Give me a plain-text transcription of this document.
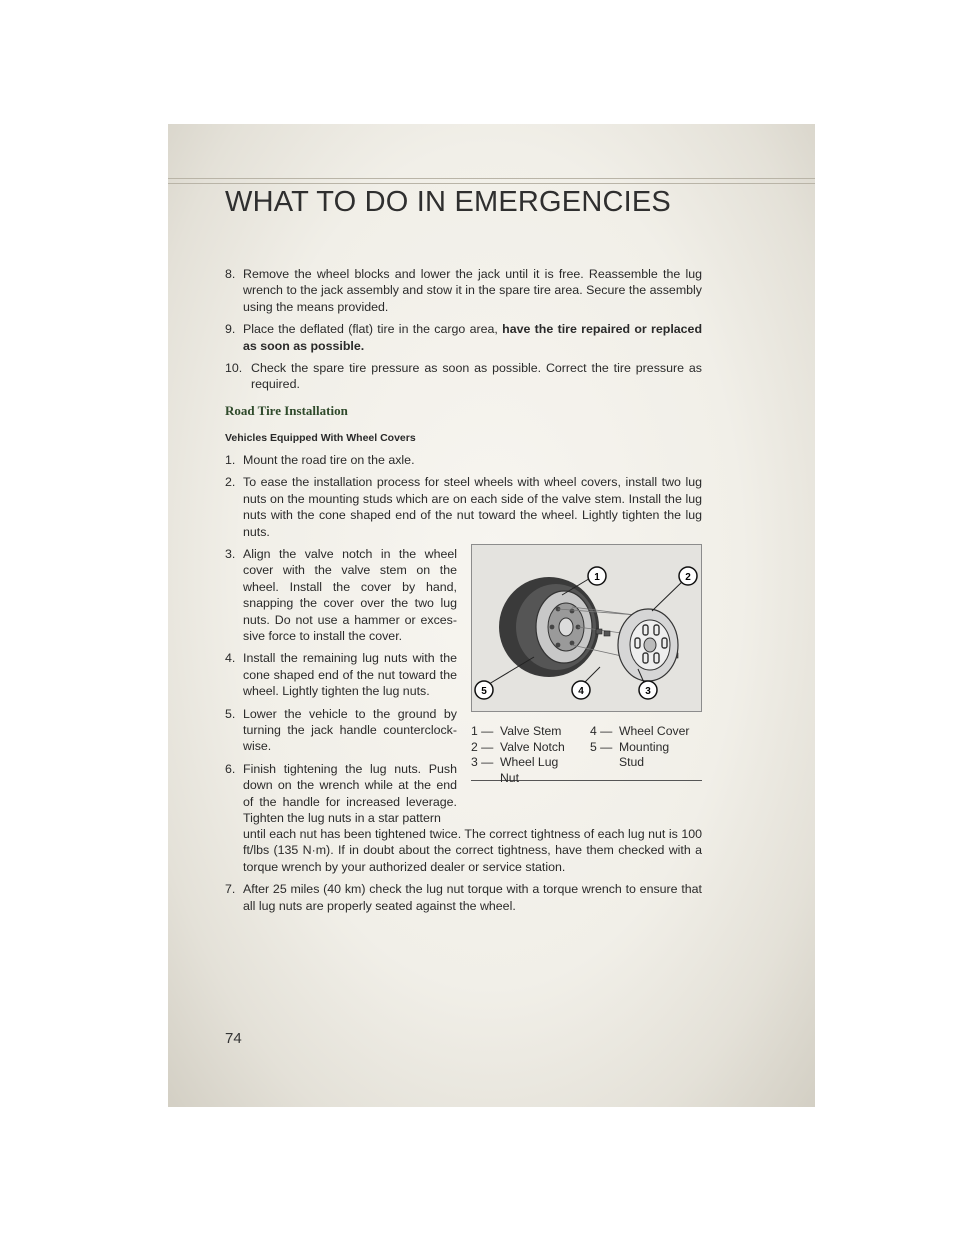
WHAT TO DO IN EMERGENCIES
8. Remove the wheel blocks and lower the jack until it is free. Reassemble the lug wrench to the jack assembly and stow it in the spare tire area. Secure the assembly using the means provided.
9. Place the deflated (flat) tire in the cargo area, have the tire repaired or replaced as soon as possible.
10. Check the spare tire pressure as soon as possible. Correct the tire pressure as required.

Road Tire Installation

Vehicles Equipped With Wheel Covers

1. Mount the road tire on the axle.
2. To ease the installation process for steel wheels with wheel covers, install two lug nuts on the mounting studs which are on each side of the valve stem. Install the lug nuts with the cone shaped end of the nut toward the wheel. Lightly tighten the lug nuts.
3. Align the valve notch in the wheel cover with the valve stem on the wheel. Install the cover by hand, snapping the cover over the two lug nuts. Do not use a hammer or exces-sive force to install the cover.
4. Install the remaining lug nuts with the cone shaped end of the nut toward the wheel. Lightly tighten the lug nuts.
5. Lower the vehicle to the ground by turning the jack handle counterclock-wise.
6. Finish tightening the lug nuts. Push down on the wrench while at the end of the handle for increased leverage. Tighten the lug nuts in a star pattern
until each nut has been tightened twice. The correct tightness of each lug nut is 100 ft/lbs (135 N·m). If in doubt about the correct tightness, have them checked with a torque wrench by your authorized dealer or service station.
7. After 25 miles (40 km) check the lug nut torque with a torque wrench to ensure that all lug nuts are properly seated against the wheel.
1	2
3
4
5
1 — Valve Stem
2 — Valve Notch
3 — Wheel Lug Nut
4 — Wheel Cover
5 — Mounting Stud
74
